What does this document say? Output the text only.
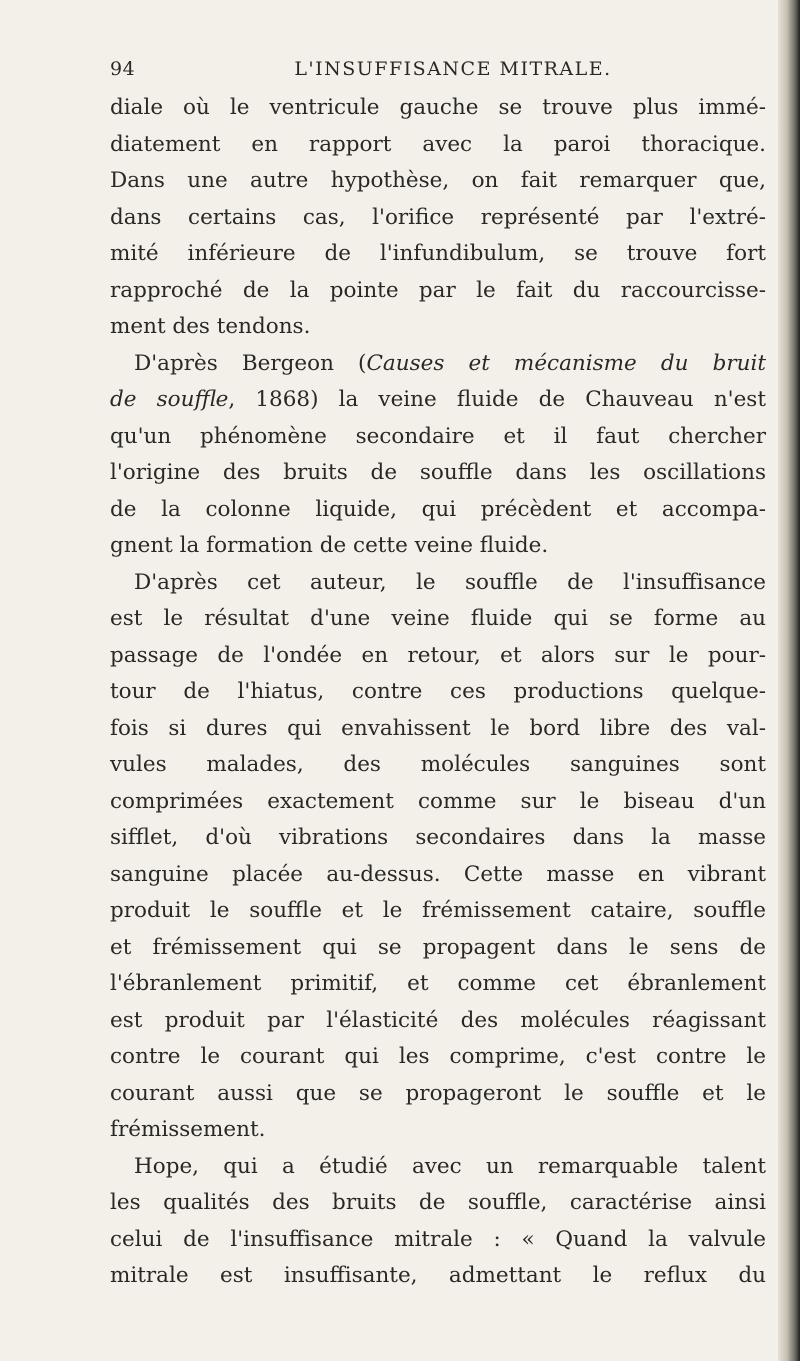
94	L'INSUFFISANCE MITRALE.
diale où le ventricule gauche se trouve plus immé-
diatement en rapport avec la paroi thoracique.
Dans une autre hypothèse, on fait remarquer que,
dans certains cas, l'orifice représenté par l'extré-
mité inférieure de l'infundibulum, se trouve fort
rapproché de la pointe par le fait du raccourcisse-
ment des tendons.
D'après Bergeon (Causes et mécanisme du bruit
de souffle, 1868) la veine fluide de Chauveau n'est
qu'un phénomène secondaire et il faut chercher
l'origine des bruits de souffle dans les oscillations
de la colonne liquide, qui précèdent et accompa-
gnent la formation de cette veine fluide.
D'après cet auteur, le souffle de l'insuffisance
est le résultat d'une veine fluide qui se forme au
passage de l'ondée en retour, et alors sur le pour-
tour de l'hiatus, contre ces productions quelque-
fois si dures qui envahissent le bord libre des val-
vules malades, des molécules sanguines sont
comprimées exactement comme sur le biseau d'un
sifflet, d'où vibrations secondaires dans la masse
sanguine placée au-dessus. Cette masse en vibrant
produit le souffle et le frémissement cataire, souffle
et frémissement qui se propagent dans le sens de
l'ébranlement primitif, et comme cet ébranlement
est produit par l'élasticité des molécules réagissant
contre le courant qui les comprime, c'est contre le
courant aussi que se propageront le souffle et le
frémissement.
Hope, qui a étudié avec un remarquable talent
les qualités des bruits de souffle, caractérise ainsi
celui de l'insuffisance mitrale : « Quand la valvule
mitrale est insuffisante, admettant le reflux du
